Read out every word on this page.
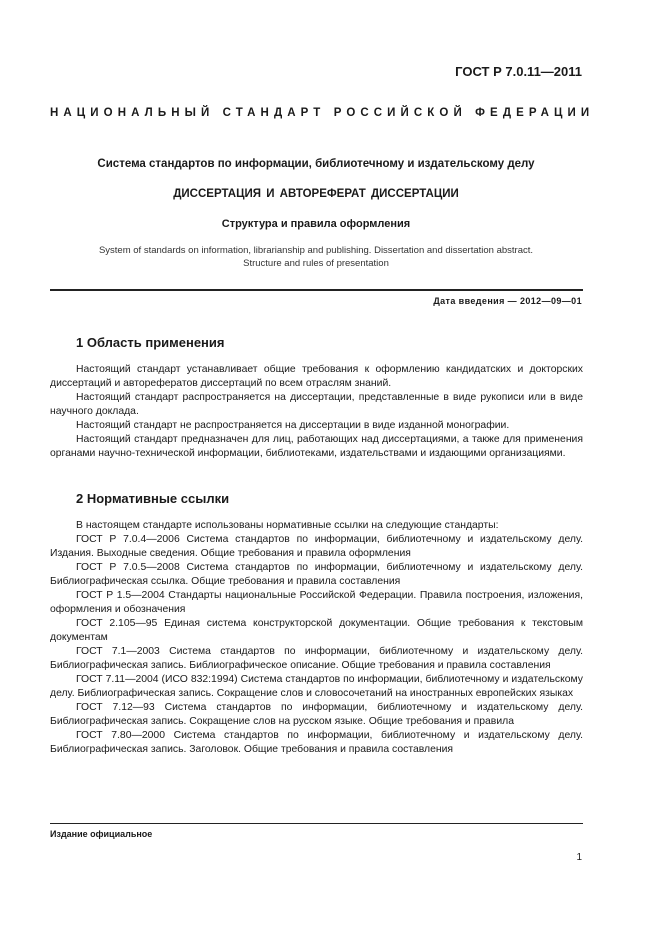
ГОСТ Р 7.0.11—2011
НАЦИОНАЛЬНЫЙ СТАНДАРТ РОССИЙСКОЙ ФЕДЕРАЦИИ
Система стандартов по информации, библиотечному и издательскому делу
ДИССЕРТАЦИЯ И АВТОРЕФЕРАТ ДИССЕРТАЦИИ
Структура и правила оформления
System of standards on information, librarianship and publishing. Dissertation and dissertation abstract.
Structure and rules of presentation
Дата введения — 2012—09—01
1 Область применения

Настоящий стандарт устанавливает общие требования к оформлению кандидатских и докторских диссертаций и авторефератов диссертаций по всем отраслям знаний.

Настоящий стандарт распространяется на диссертации, представленные в виде рукописи или в виде научного доклада.

Настоящий стандарт не распространяется на диссертации в виде изданной монографии.

Настоящий стандарт предназначен для лиц, работающих над диссертациями, а также для применения органами научно-технической информации, библиотеками, издательствами и издающими организациями.

2 Нормативные ссылки

В настоящем стандарте использованы нормативные ссылки на следующие стандарты:

ГОСТ Р 7.0.4—2006 Система стандартов по информации, библиотечному и издательскому делу. Издания. Выходные сведения. Общие требования и правила оформления

ГОСТ Р 7.0.5—2008 Система стандартов по информации, библиотечному и издательскому делу. Библиографическая ссылка. Общие требования и правила составления

ГОСТ Р 1.5—2004 Стандарты национальные Российской Федерации. Правила построения, изложения, оформления и обозначения

ГОСТ 2.105—95 Единая система конструкторской документации. Общие требования к текстовым документам

ГОСТ 7.1—2003 Система стандартов по информации, библиотечному и издательскому делу. Библиографическая запись. Библиографическое описание. Общие требования и правила составления

ГОСТ 7.11—2004 (ИСО 832:1994) Система стандартов по информации, библиотечному и издательскому делу. Библиографическая запись. Сокращение слов и словосочетаний на иностранных европейских языках

ГОСТ 7.12—93 Система стандартов по информации, библиотечному и издательскому делу. Библиографическая запись. Сокращение слов на русском языке. Общие требования и правила

ГОСТ 7.80—2000 Система стандартов по информации, библиотечному и издательскому делу. Библиографическая запись. Заголовок. Общие требования и правила составления

Издание официальное
1
